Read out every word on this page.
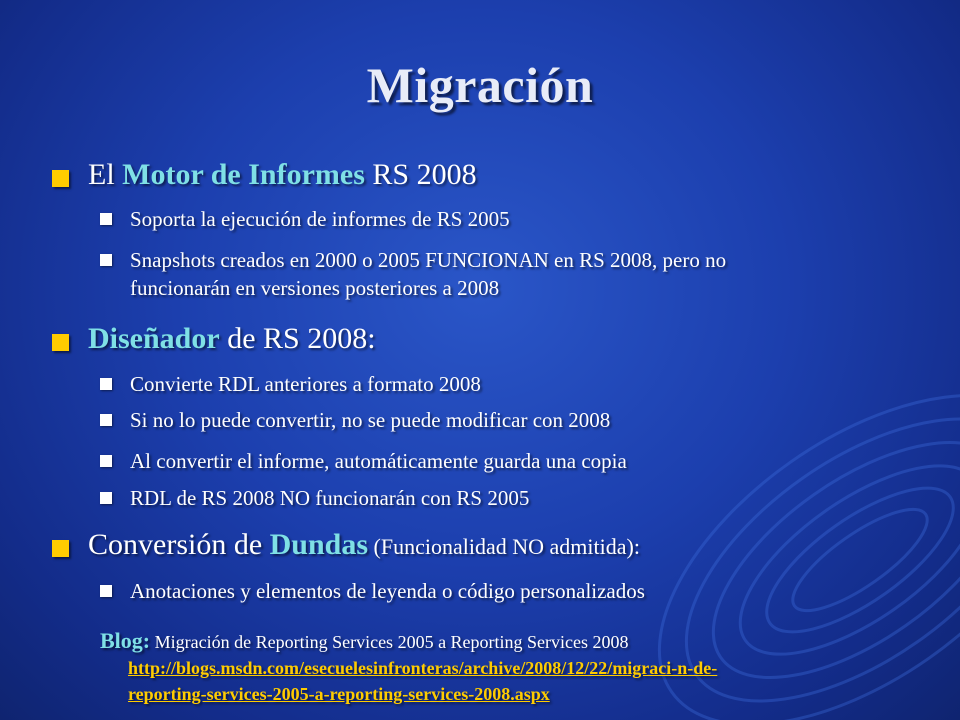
Migración
El Motor de Informes RS 2008
Soporta la ejecución de informes de RS 2005
Snapshots creados en 2000 o 2005 FUNCIONAN en RS 2008, pero no
funcionarán en versiones posteriores a 2008
Diseñador de RS 2008:
Convierte RDL anteriores a formato 2008
Si no lo puede convertir, no se puede modificar con 2008
Al convertir el informe, automáticamente guarda una copia
RDL de RS 2008 NO funcionarán con RS 2005
Conversión de Dundas (Funcionalidad NO admitida):
Anotaciones y elementos de leyenda o código personalizados
Blog: Migración de Reporting Services 2005 a Reporting Services 2008
http://blogs.msdn.com/esecuelesinfronteras/archive/2008/12/22/migraci-n-de-
reporting-services-2005-a-reporting-services-2008.aspx
